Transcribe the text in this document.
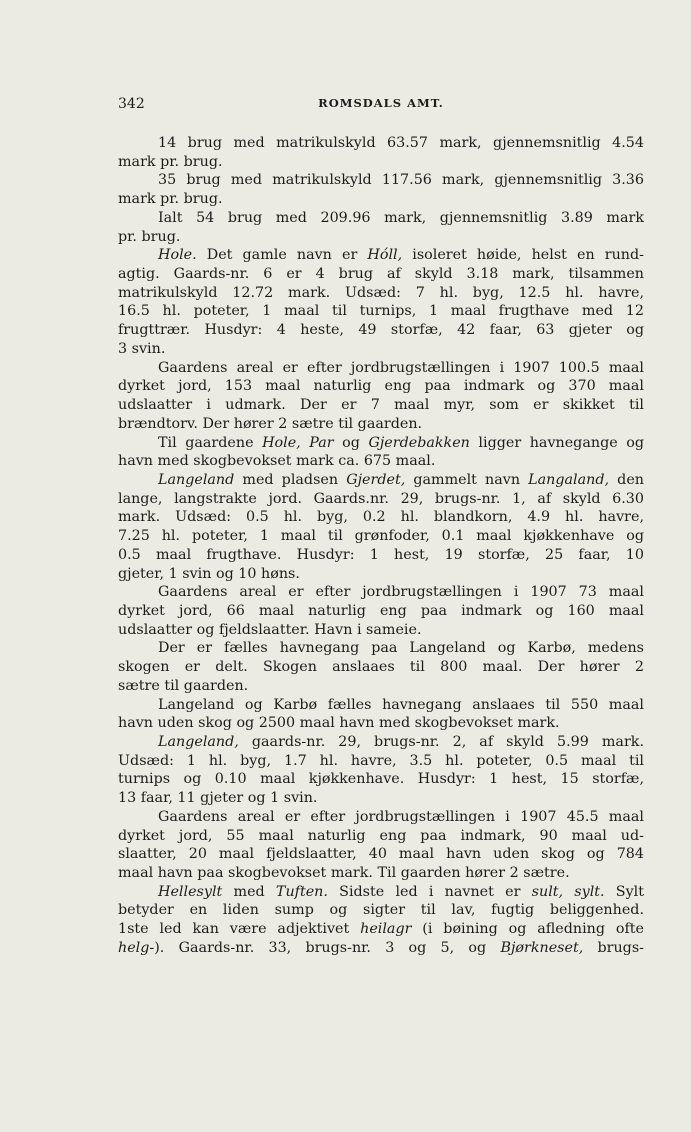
342	ROMSDALS AMT.
14 brug med matrikulskyld 63.57 mark, gjennemsnitlig 4.54
mark pr. brug.
35 brug med matrikulskyld 117.56 mark, gjennemsnitlig 3.36
mark pr. brug.
Ialt 54 brug med 209.96 mark, gjennemsnitlig 3.89 mark
pr. brug.
Hole. Det gamle navn er Hóll, isoleret høide, helst en rund-
agtig. Gaards-nr. 6 er 4 brug af skyld 3.18 mark, tilsammen
matrikulskyld 12.72 mark. Udsæd: 7 hl. byg, 12.5 hl. havre,
16.5 hl. poteter, 1 maal til turnips, 1 maal frugthave med 12
frugttrær. Husdyr: 4 heste, 49 storfæ, 42 faar, 63 gjeter og
3 svin.
Gaardens areal er efter jordbrugstællingen i 1907 100.5 maal
dyrket jord, 153 maal naturlig eng paa indmark og 370 maal
udslaatter i udmark. Der er 7 maal myr, som er skikket til
brændtorv. Der hører 2 sætre til gaarden.
Til gaardene Hole, Par og Gjerdebakken ligger havnegange og
havn med skogbevokset mark ca. 675 maal.
Langeland med pladsen Gjerdet, gammelt navn Langaland, den
lange, langstrakte jord. Gaards.nr. 29, brugs-nr. 1, af skyld 6.30
mark. Udsæd: 0.5 hl. byg, 0.2 hl. blandkorn, 4.9 hl. havre,
7.25 hl. poteter, 1 maal til grønfoder, 0.1 maal kjøkkenhave og
0.5 maal frugthave. Husdyr: 1 hest, 19 storfæ, 25 faar, 10
gjeter, 1 svin og 10 høns.
Gaardens areal er efter jordbrugstællingen i 1907 73 maal
dyrket jord, 66 maal naturlig eng paa indmark og 160 maal
udslaatter og fjeldslaatter. Havn i sameie.
Der er fælles havnegang paa Langeland og Karbø, medens
skogen er delt. Skogen anslaaes til 800 maal. Der hører 2
sætre til gaarden.
Langeland og Karbø fælles havnegang anslaaes til 550 maal
havn uden skog og 2500 maal havn med skogbevokset mark.
Langeland, gaards-nr. 29, brugs-nr. 2, af skyld 5.99 mark.
Udsæd: 1 hl. byg, 1.7 hl. havre, 3.5 hl. poteter, 0.5 maal til
turnips og 0.10 maal kjøkkenhave. Husdyr: 1 hest, 15 storfæ,
13 faar, 11 gjeter og 1 svin.
Gaardens areal er efter jordbrugstællingen i 1907 45.5 maal
dyrket jord, 55 maal naturlig eng paa indmark, 90 maal ud-
slaatter, 20 maal fjeldslaatter, 40 maal havn uden skog og 784
maal havn paa skogbevokset mark. Til gaarden hører 2 sætre.
Hellesylt med Tuften. Sidste led i navnet er sult, sylt. Sylt
betyder en liden sump og sigter til lav, fugtig beliggenhed.
1ste led kan være adjektivet heilagr (i bøining og afledning ofte
helg-). Gaards-nr. 33, brugs-nr. 3 og 5, og Bjørkneset, brugs-
